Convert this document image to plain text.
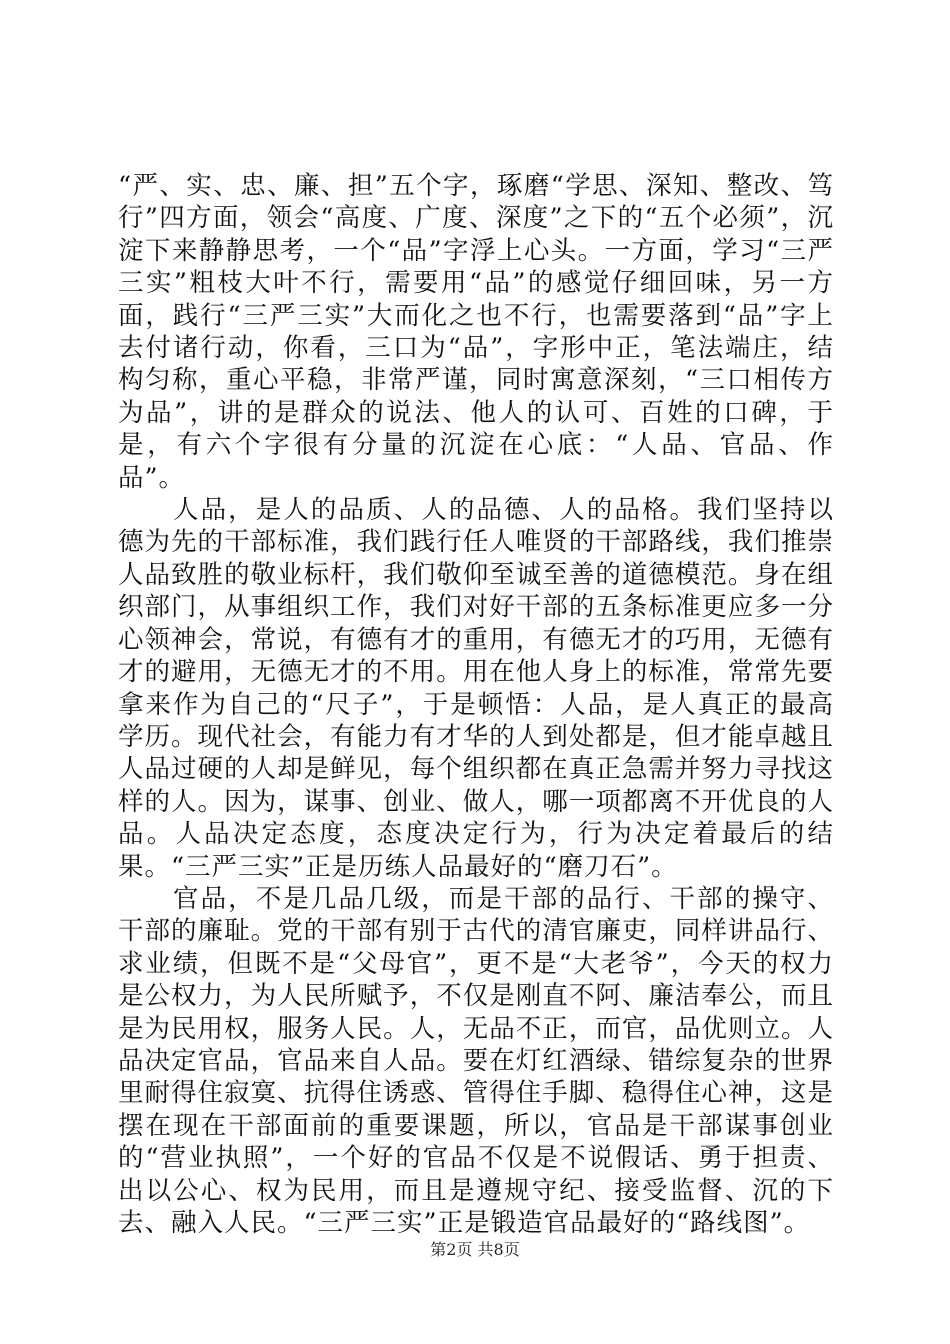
“严、实、忠、廉、担”五个字，琢磨“学思、深知、整改、笃行”四方面，领会“高度、广度、深度”之下的“五个必须”，沉淀下来静静思考，一个“品”字浮上心头。一方面，学习“三严三实”粗枝大叶不行，需要用“品”的感觉仔细回味，另一方面，践行“三严三实”大而化之也不行，也需要落到“品”字上去付诸行动，你看，三口为“品”，字形中正，笔法端庄，结构匀称，重心平稳，非常严谨，同时寓意深刻，“三口相传方为品”，讲的是群众的说法、他人的认可、百姓的口碑，于是，有六个字很有分量的沉淀在心底：“人品、官品、作品”。

人品，是人的品质、人的品德、人的品格。我们坚持以德为先的干部标准，我们践行任人唯贤的干部路线，我们推崇人品致胜的敬业标杆，我们敬仰至诚至善的道德模范。身在组织部门，从事组织工作，我们对好干部的五条标准更应多一分心领神会，常说，有德有才的重用，有德无才的巧用，无德有才的避用，无德无才的不用。用在他人身上的标准，常常先要拿来作为自己的“尺子”，于是顿悟：人品，是人真正的最高学历。现代社会，有能力有才华的人到处都是，但才能卓越且人品过硬的人却是鲜见，每个组织都在真正急需并努力寻找这样的人。因为，谋事、创业、做人，哪一项都离不开优良的人品。人品决定态度，态度决定行为，行为决定着最后的结果。“三严三实”正是历练人品最好的“磨刀石”。

官品，不是几品几级，而是干部的品行、干部的操守、干部的廉耻。党的干部有别于古代的清官廉吏，同样讲品行、求业绩，但既不是“父母官”，更不是“大老爷”，今天的权力是公权力，为人民所赋予，不仅是刚直不阿、廉洁奉公，而且是为民用权，服务人民。人，无品不正，而官，品优则立。人品决定官品，官品来自人品。要在灯红酒绿、错综复杂的世界里耐得住寂寞、抗得住诱惑、管得住手脚、稳得住心神，这是摆在现在干部面前的重要课题，所以，官品是干部谋事创业的“营业执照”，一个好的官品不仅是不说假话、勇于担责、出以公心、权为民用，而且是遵规守纪、接受监督、沉的下去、融入人民。“三严三实”正是锻造官品最好的“路线图”。

第2页 共8页
